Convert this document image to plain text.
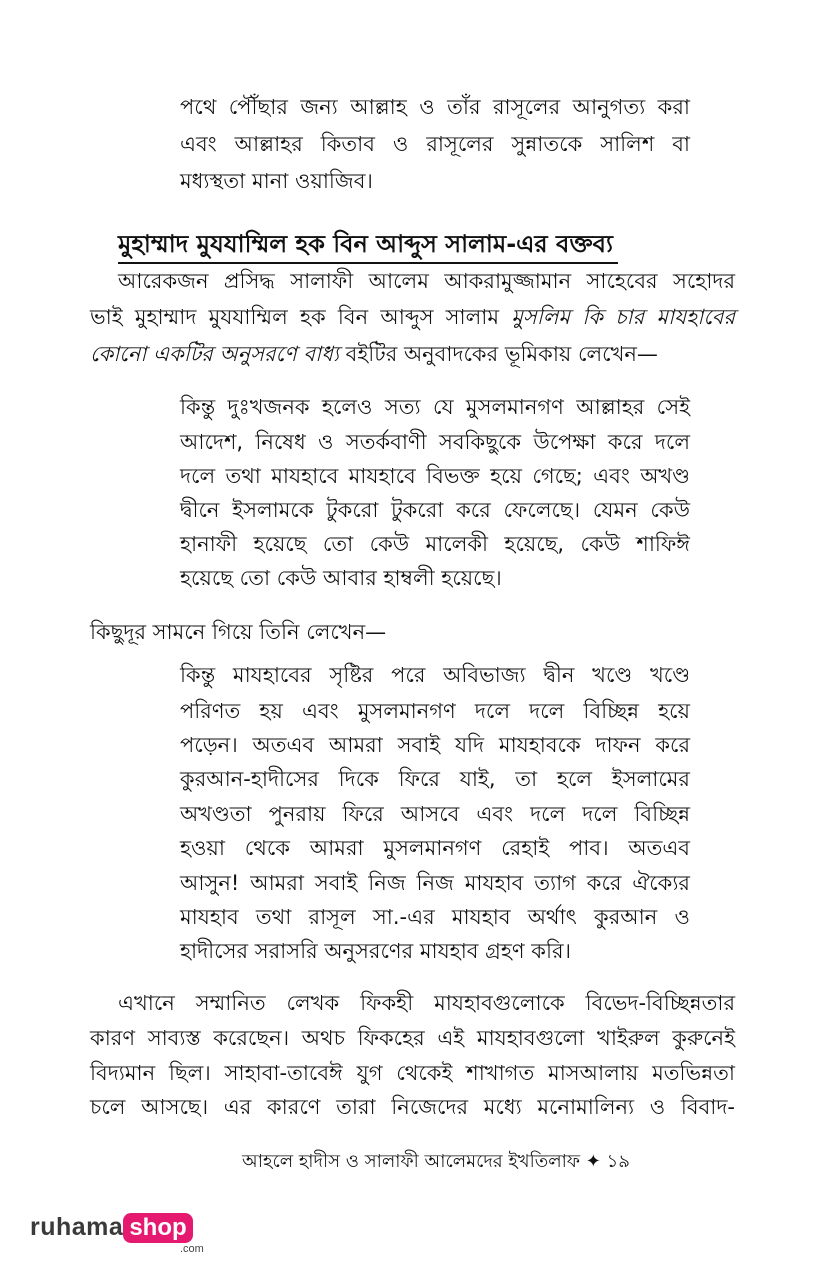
পথে পৌঁছার জন্য আল্লাহ ও তাঁর রাসূলের আনুগত্য করা
এবং আল্লাহর কিতাব ও রাসূলের সুন্নাতকে সালিশ বা
মধ্যস্থতা মানা ওয়াজিব।
মুহাম্মাদ মুযযাম্মিল হক বিন আব্দুস সালাম-এর বক্তব্য
আরেকজন প্রসিদ্ধ সালাফী আলেম আকরামুজ্জামান সাহেবের সহোদর
ভাই মুহাম্মাদ মুযযাম্মিল হক বিন আব্দুস সালাম মুসলিম কি চার মাযহাবের
কোনো একটির অনুসরণে বাধ্য বইটির অনুবাদকের ভূমিকায় লেখেন—
কিন্তু দুঃখজনক হলেও সত্য যে মুসলমানগণ আল্লাহর সেই
আদেশ, নিষেধ ও সতর্কবাণী সবকিছুকে উপেক্ষা করে দলে
দলে তথা মাযহাবে মাযহাবে বিভক্ত হয়ে গেছে; এবং অখণ্ড
দ্বীনে ইসলামকে টুকরো টুকরো করে ফেলেছে। যেমন কেউ
হানাফী হয়েছে তো কেউ মালেকী হয়েছে, কেউ শাফিঈ
হয়েছে তো কেউ আবার হাম্বলী হয়েছে।
কিছুদূর সামনে গিয়ে তিনি লেখেন—
কিন্তু মাযহাবের সৃষ্টির পরে অবিভাজ্য দ্বীন খণ্ডে খণ্ডে
পরিণত হয় এবং মুসলমানগণ দলে দলে বিচ্ছিন্ন হয়ে
পড়েন। অতএব আমরা সবাই যদি মাযহাবকে দাফন করে
কুরআন-হাদীসের দিকে ফিরে যাই, তা হলে ইসলামের
অখণ্ডতা পুনরায় ফিরে আসবে এবং দলে দলে বিচ্ছিন্ন
হওয়া থেকে আমরা মুসলমানগণ রেহাই পাব। অতএব
আসুন! আমরা সবাই নিজ নিজ মাযহাব ত্যাগ করে ঐক্যের
মাযহাব তথা রাসূল সা.-এর মাযহাব অর্থাৎ কুরআন ও
হাদীসের সরাসরি অনুসরণের মাযহাব গ্রহণ করি।
এখানে সম্মানিত লেখক ফিকহী মাযহাবগুলোকে বিভেদ-বিচ্ছিন্নতার
কারণ সাব্যস্ত করেছেন। অথচ ফিকহের এই মাযহাবগুলো খাইরুল কুরুনেই
বিদ্যমান ছিল। সাহাবা-তাবেঈ যুগ থেকেই শাখাগত মাসআলায় মতভিন্নতা
চলে আসছে। এর কারণে তারা নিজেদের মধ্যে মনোমালিন্য ও বিবাদ-
আহলে হাদীস ও সালাফী আলেমদের ইখতিলাফ ✦ ১৯
ruhama shop
.com
